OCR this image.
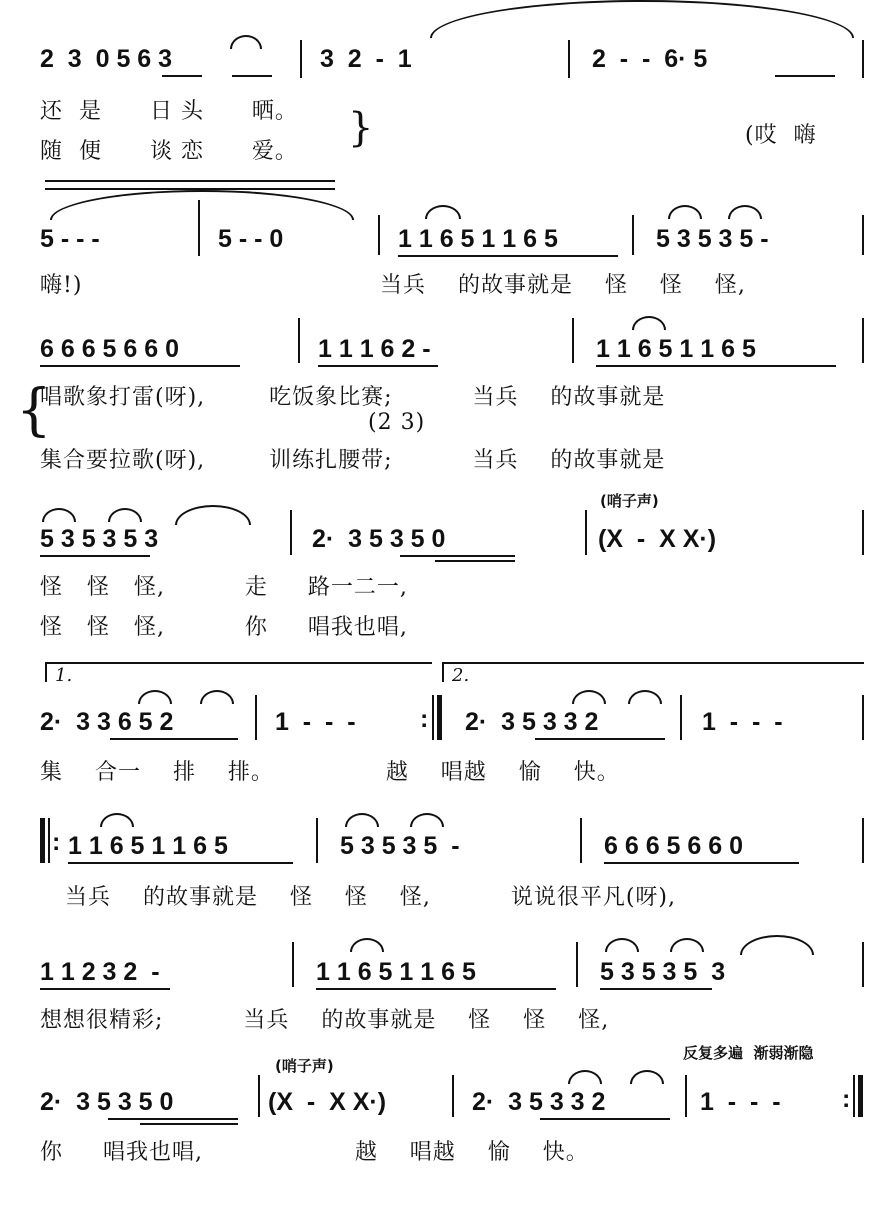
2  3  0 5 6 3	3  2  -  1	2  -  -  6· 5
还  是      日 头      晒。
随  便      谈 恋      爱。
}	(哎  嗨
5 - - -	5 - - 0	1 1 6 5 1 1 6 5	5 3 5 3 5 -
嗨!)	当兵    的故事就是    怪    怪    怪,
6 6 6 5 6 6 0	1 1 1 6 2 -	1 1 6 5 1 1 6 5
{
唱歌象打雷(呀),        吃饭象比赛;          当兵    的故事就是
(2 3)
集合要拉歌(呀),        训练扎腰带;          当兵    的故事就是
5 3 5 3 5 3	2·  3 5 3 5 0
(哨子声)
(X  -  X X·)
怪   怪   怪,          走     路一二一,
怪   怪   怪,          你     唱我也唱,
1.	2.
2·  3 3 6 5 2	1  -  -  -	: 2·  3 5 3 3 2	1  -  -  -
集    合一    排    排。              越    唱越    愉    快。
: 1 1 6 5 1 1 6 5	5 3 5 3 5  -	6 6 6 5 6 6 0
当兵    的故事就是    怪    怪    怪,          说说很平凡(呀),
1 1 2 3 2  -	1 1 6 5 1 1 6 5	5 3 5 3 5  3
想想很精彩;          当兵    的故事就是    怪    怪    怪,
反复多遍  渐弱渐隐
(哨子声)
2·  3 5 3 5 0	(X  -  X X·)	2·  3 5 3 3 2	1  -  -  - :
你     唱我也唱,                   越    唱越    愉    快。
